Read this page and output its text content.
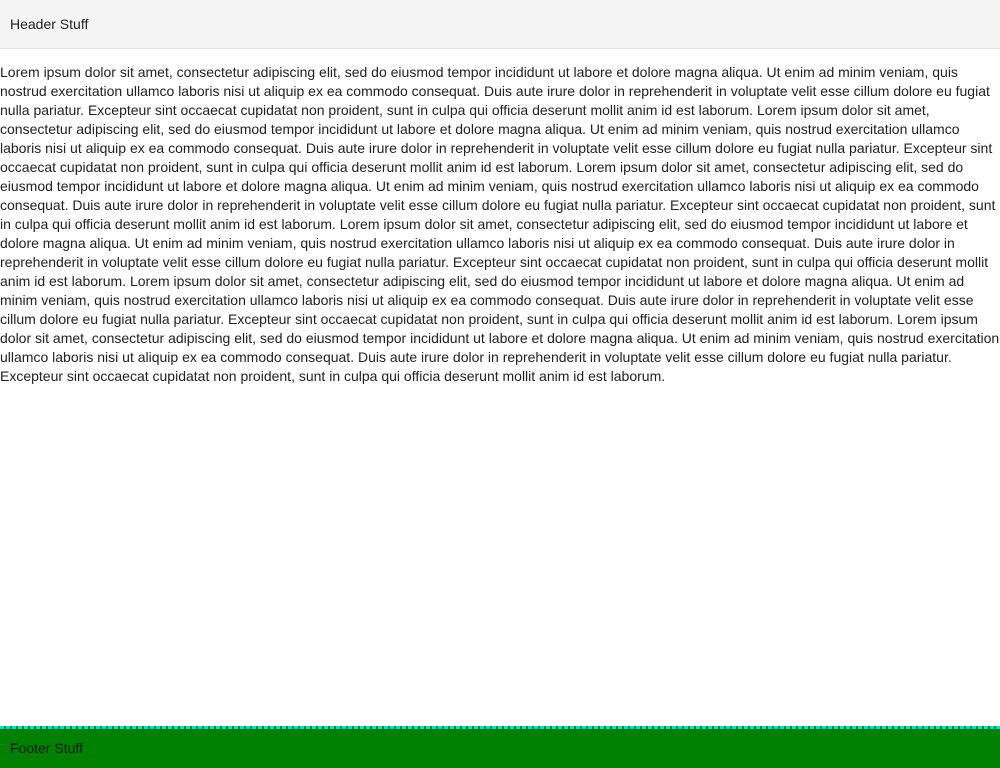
Header Stuff

Lorem ipsum dolor sit amet, consectetur adipiscing elit, sed do eiusmod tempor incididunt ut labore et dolore magna aliqua. Ut enim ad minim veniam, quis nostrud exercitation ullamco laboris nisi ut aliquip ex ea commodo consequat. Duis aute irure dolor in reprehenderit in voluptate velit esse cillum dolore eu fugiat nulla pariatur. Excepteur sint occaecat cupidatat non proident, sunt in culpa qui officia deserunt mollit anim id est laborum. Lorem ipsum dolor sit amet, consectetur adipiscing elit, sed do eiusmod tempor incididunt ut labore et dolore magna aliqua. Ut enim ad minim veniam, quis nostrud exercitation ullamco laboris nisi ut aliquip ex ea commodo consequat. Duis aute irure dolor in reprehenderit in voluptate velit esse cillum dolore eu fugiat nulla pariatur. Excepteur sint occaecat cupidatat non proident, sunt in culpa qui officia deserunt mollit anim id est laborum. Lorem ipsum dolor sit amet, consectetur adipiscing elit, sed do eiusmod tempor incididunt ut labore et dolore magna aliqua. Ut enim ad minim veniam, quis nostrud exercitation ullamco laboris nisi ut aliquip ex ea commodo consequat. Duis aute irure dolor in reprehenderit in voluptate velit esse cillum dolore eu fugiat nulla pariatur. Excepteur sint occaecat cupidatat non proident, sunt in culpa qui officia deserunt mollit anim id est laborum. Lorem ipsum dolor sit amet, consectetur adipiscing elit, sed do eiusmod tempor incididunt ut labore et dolore magna aliqua. Ut enim ad minim veniam, quis nostrud exercitation ullamco laboris nisi ut aliquip ex ea commodo consequat. Duis aute irure dolor in reprehenderit in voluptate velit esse cillum dolore eu fugiat nulla pariatur. Excepteur sint occaecat cupidatat non proident, sunt in culpa qui officia deserunt mollit anim id est laborum. Lorem ipsum dolor sit amet, consectetur adipiscing elit, sed do eiusmod tempor incididunt ut labore et dolore magna aliqua. Ut enim ad minim veniam, quis nostrud exercitation ullamco laboris nisi ut aliquip ex ea commodo consequat. Duis aute irure dolor in reprehenderit in voluptate velit esse cillum dolore eu fugiat nulla pariatur. Excepteur sint occaecat cupidatat non proident, sunt in culpa qui officia deserunt mollit anim id est laborum. Lorem ipsum dolor sit amet, consectetur adipiscing elit, sed do eiusmod tempor incididunt ut labore et dolore magna aliqua. Ut enim ad minim veniam, quis nostrud exercitation ullamco laboris nisi ut aliquip ex ea commodo consequat. Duis aute irure dolor in reprehenderit in voluptate velit esse cillum dolore eu fugiat nulla pariatur. Excepteur sint occaecat cupidatat non proident, sunt in culpa qui officia deserunt mollit anim id est laborum.

Footer Stuff
